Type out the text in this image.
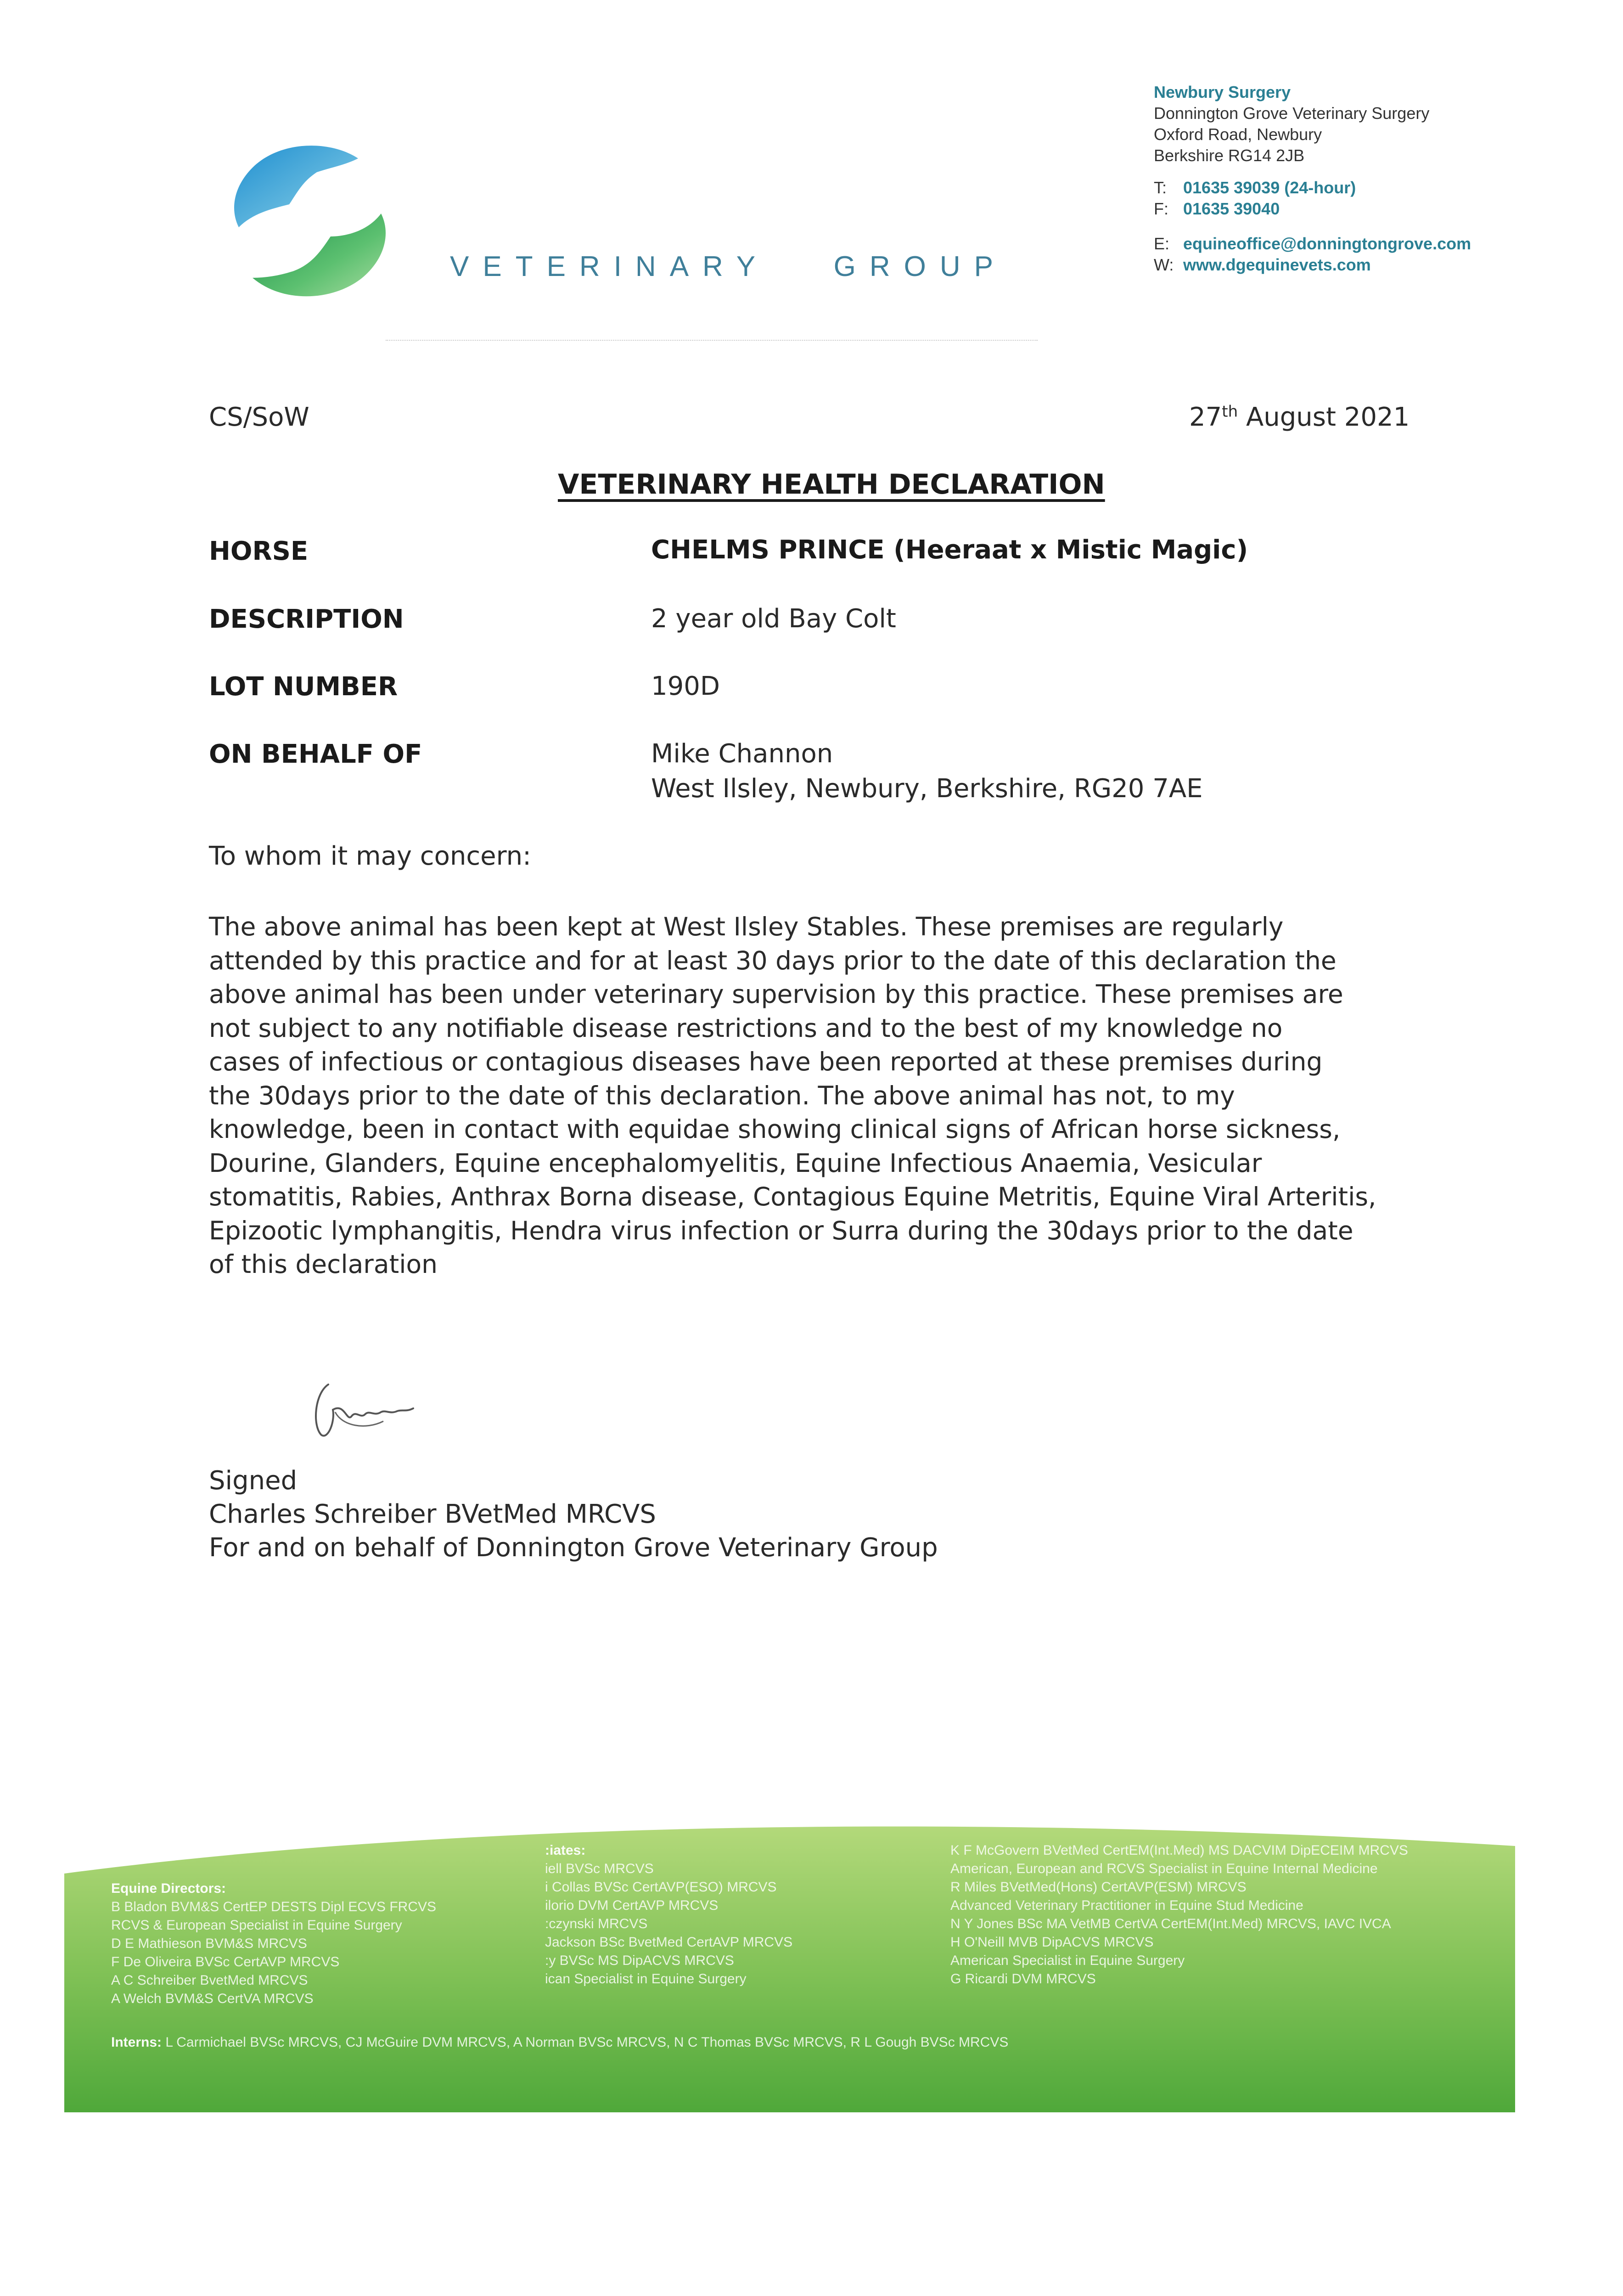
VETERINARY   GROUP
Newbury Surgery
Donnington Grove Veterinary Surgery
Oxford Road, Newbury
Berkshire RG14 2JB
T: 01635 39039 (24-hour)
F: 01635 39040
E: equineoffice@donningtongrove.com
W: www.dgequinevets.com
CS/SoW	27th August 2021
VETERINARY HEALTH DECLARATION
HORSE	CHELMS PRINCE (Heeraat x Mistic Magic)
DESCRIPTION	2 year old Bay Colt
LOT NUMBER	190D
ON BEHALF OF	Mike Channon
West Ilsley, Newbury, Berkshire, RG20 7AE
To whom it may concern:
The above animal has been kept at West Ilsley Stables. These premises are regularly
attended by this practice and for at least 30 days prior to the date of this declaration the
above animal has been under veterinary supervision by this practice. These premises are
not subject to any notifiable disease restrictions and to the best of my knowledge no
cases of infectious or contagious diseases have been reported at these premises during
the 30days prior to the date of this declaration. The above animal has not, to my
knowledge, been in contact with equidae showing clinical signs of African horse sickness,
Dourine, Glanders, Equine encephalomyelitis, Equine Infectious Anaemia, Vesicular
stomatitis, Rabies, Anthrax Borna disease, Contagious Equine Metritis, Equine Viral Arteritis,
Epizootic lymphangitis, Hendra virus infection or Surra during the 30days prior to the date
of this declaration
Signed
Charles Schreiber BVetMed MRCVS
For and on behalf of Donnington Grove Veterinary Group
Equine Directors:
B Bladon BVM&S CertEP DESTS Dipl ECVS FRCVS
RCVS & European Specialist in Equine Surgery
D E Mathieson BVM&S MRCVS
F De Oliveira BVSc CertAVP MRCVS
A C Schreiber BvetMed MRCVS
A Welch BVM&S CertVA MRCVS
:iates:
iell BVSc MRCVS
i Collas BVSc CertAVP(ESO) MRCVS
ilorio DVM CertAVP MRCVS
:czynski MRCVS
Jackson BSc BvetMed CertAVP MRCVS
:y BVSc MS DipACVS MRCVS
ican Specialist in Equine Surgery
K F McGovern BVetMed CertEM(Int.Med) MS DACVIM DipECEIM MRCVS
American, European and RCVS Specialist in Equine Internal Medicine
R Miles BVetMed(Hons) CertAVP(ESM) MRCVS
Advanced Veterinary Practitioner in Equine Stud Medicine
N Y Jones BSc MA VetMB CertVA CertEM(Int.Med) MRCVS, IAVC IVCA
H O'Neill MVB DipACVS MRCVS
American Specialist in Equine Surgery
G Ricardi DVM MRCVS
Interns: L Carmichael BVSc MRCVS, CJ McGuire DVM MRCVS, A Norman BVSc MRCVS, N C Thomas BVSc MRCVS, R L Gough BVSc MRCVS
